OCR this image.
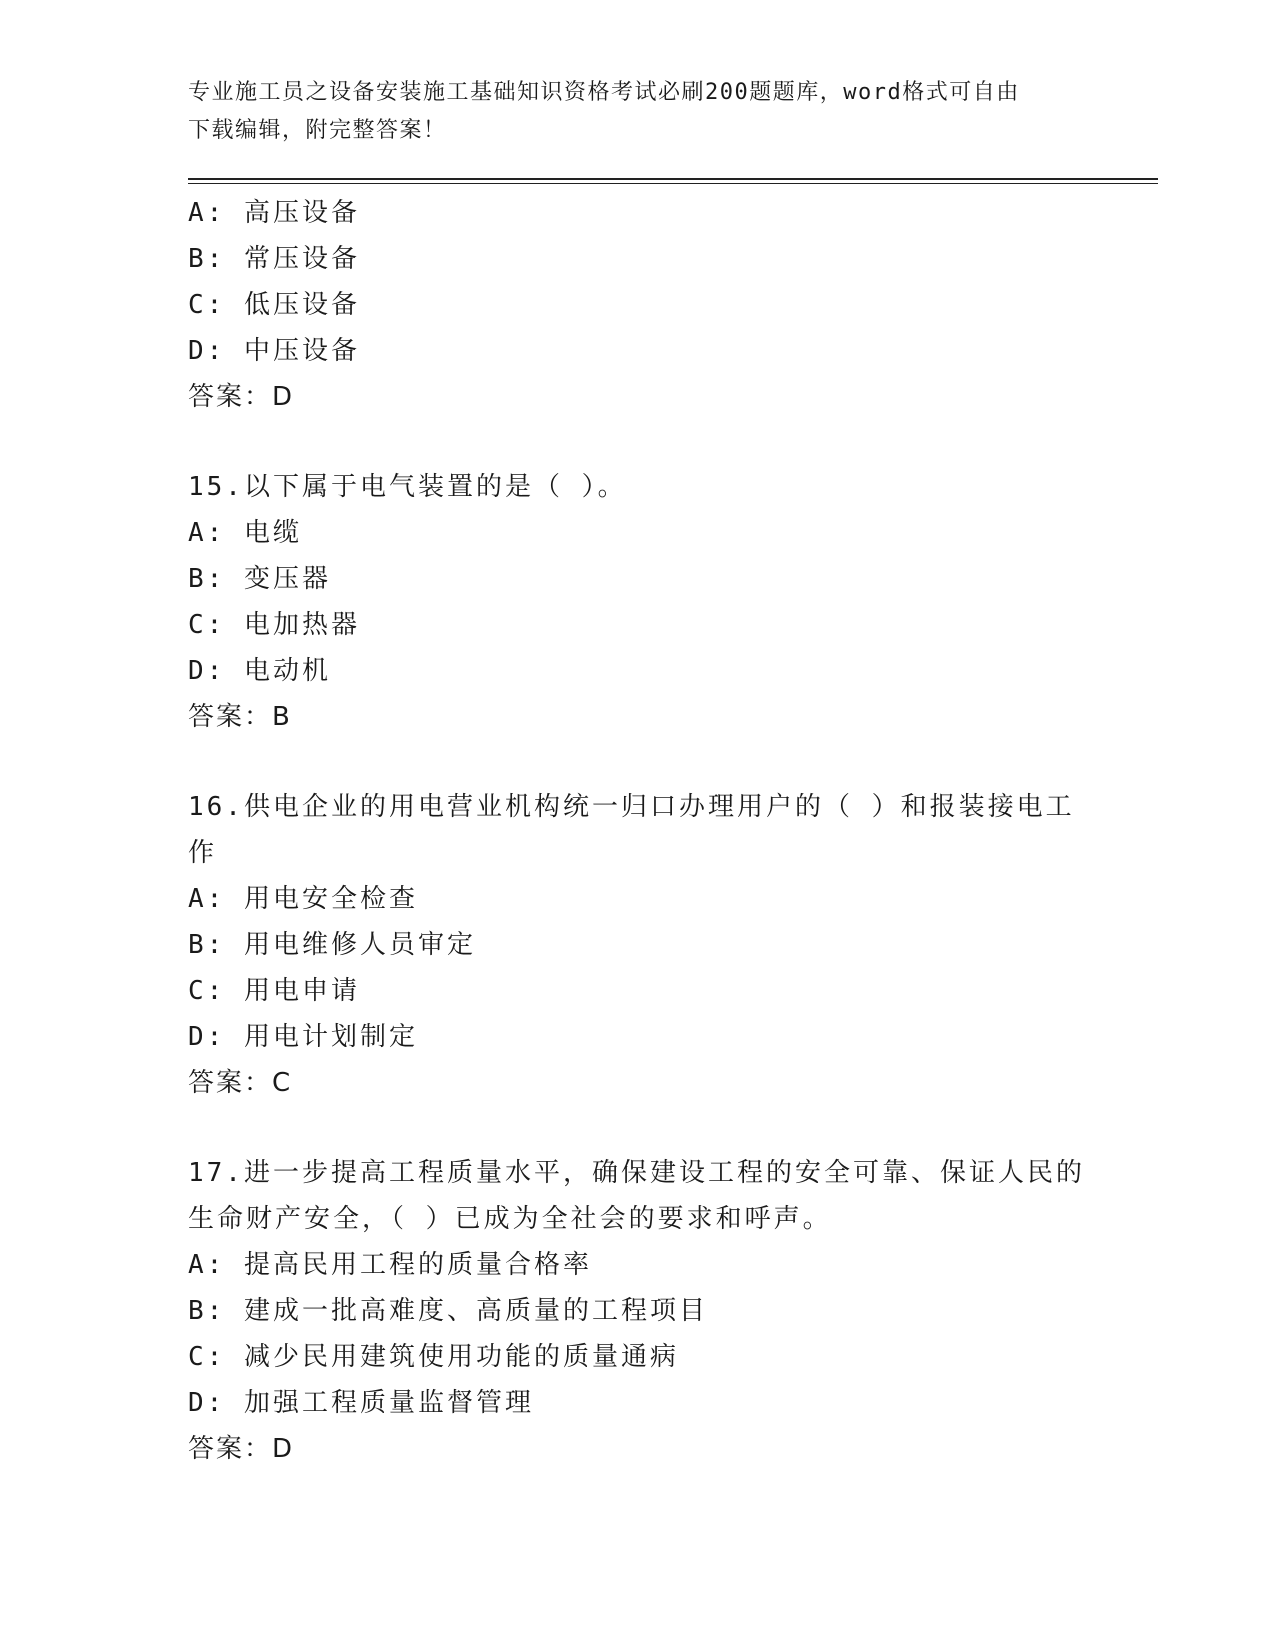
专业施工员之设备安装施工基础知识资格考试必刷200题题库，word格式可自由
下载编辑，附完整答案！
A: 高压设备
B: 常压设备
C: 低压设备
D: 中压设备
答案：D
15.以下属于电气装置的是（ ）。
A: 电缆
B: 变压器
C: 电加热器
D: 电动机
答案：B
16.供电企业的用电营业机构统一归口办理用户的（ ）和报装接电工
作
A: 用电安全检查
B: 用电维修人员审定
C: 用电申请
D: 用电计划制定
答案：C
17.进一步提高工程质量水平，确保建设工程的安全可靠、保证人民的
生命财产安全，（ ）已成为全社会的要求和呼声。
A: 提高民用工程的质量合格率
B: 建成一批高难度、高质量的工程项目
C: 减少民用建筑使用功能的质量通病
D: 加强工程质量监督管理
答案：D
